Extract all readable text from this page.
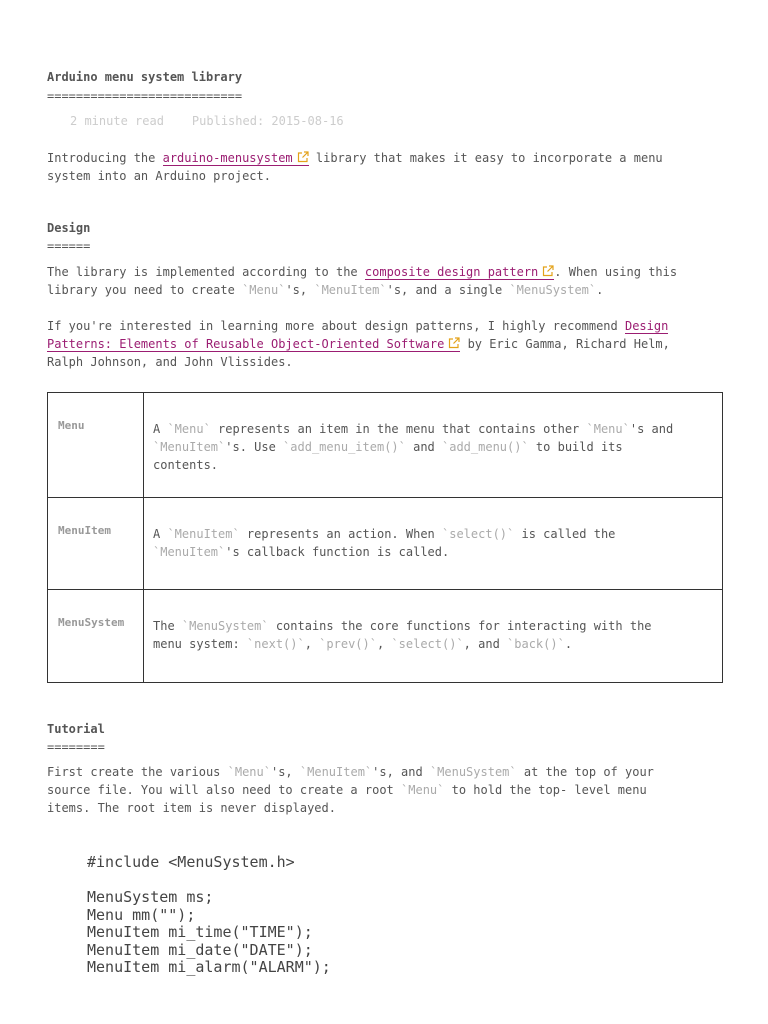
Arduino menu system library
===========================
2 minute read Published: 2015-08-16

Introducing the arduino-menusystem
library that makes it easy to incorporate a menu

system into an Arduino project.

Design
======

The library is implemented according to the composite design pattern . When using this

library you need to create `Menu`'s, `MenuItem`'s, and a single `MenuSystem`.

If you're interested in learning more about design patterns, I highly recommend Design

Patterns: Elements of Reusable Object-Oriented Software
by Eric Gamma, Richard Helm,

Ralph Johnson, and John Vlissides.

Menu	A `Menu` represents an item in the menu that contains other `Menu`'s and
`MenuItem`'s. Use `add_menu_item()` and `add_menu()` to build its
contents.

MenuItem	A `MenuItem` represents an action. When `select()` is called the
`MenuItem`'s callback function is called.

MenuSystem	The `MenuSystem` contains the core functions for interacting with the
menu system: `next()`, `prev()`, `select()`, and `back()`.
Tutorial
========

First create the various `Menu`'s, `MenuItem`'s, and `MenuSystem` at the top of your

source file. You will also need to create a root `Menu` to hold the top- level menu

items. The root item is never displayed.

#include <MenuSystem.h>

MenuSystem ms;
Menu mm("");
MenuItem mi_time("TIME");
MenuItem mi_date("DATE");
MenuItem mi_alarm("ALARM");
